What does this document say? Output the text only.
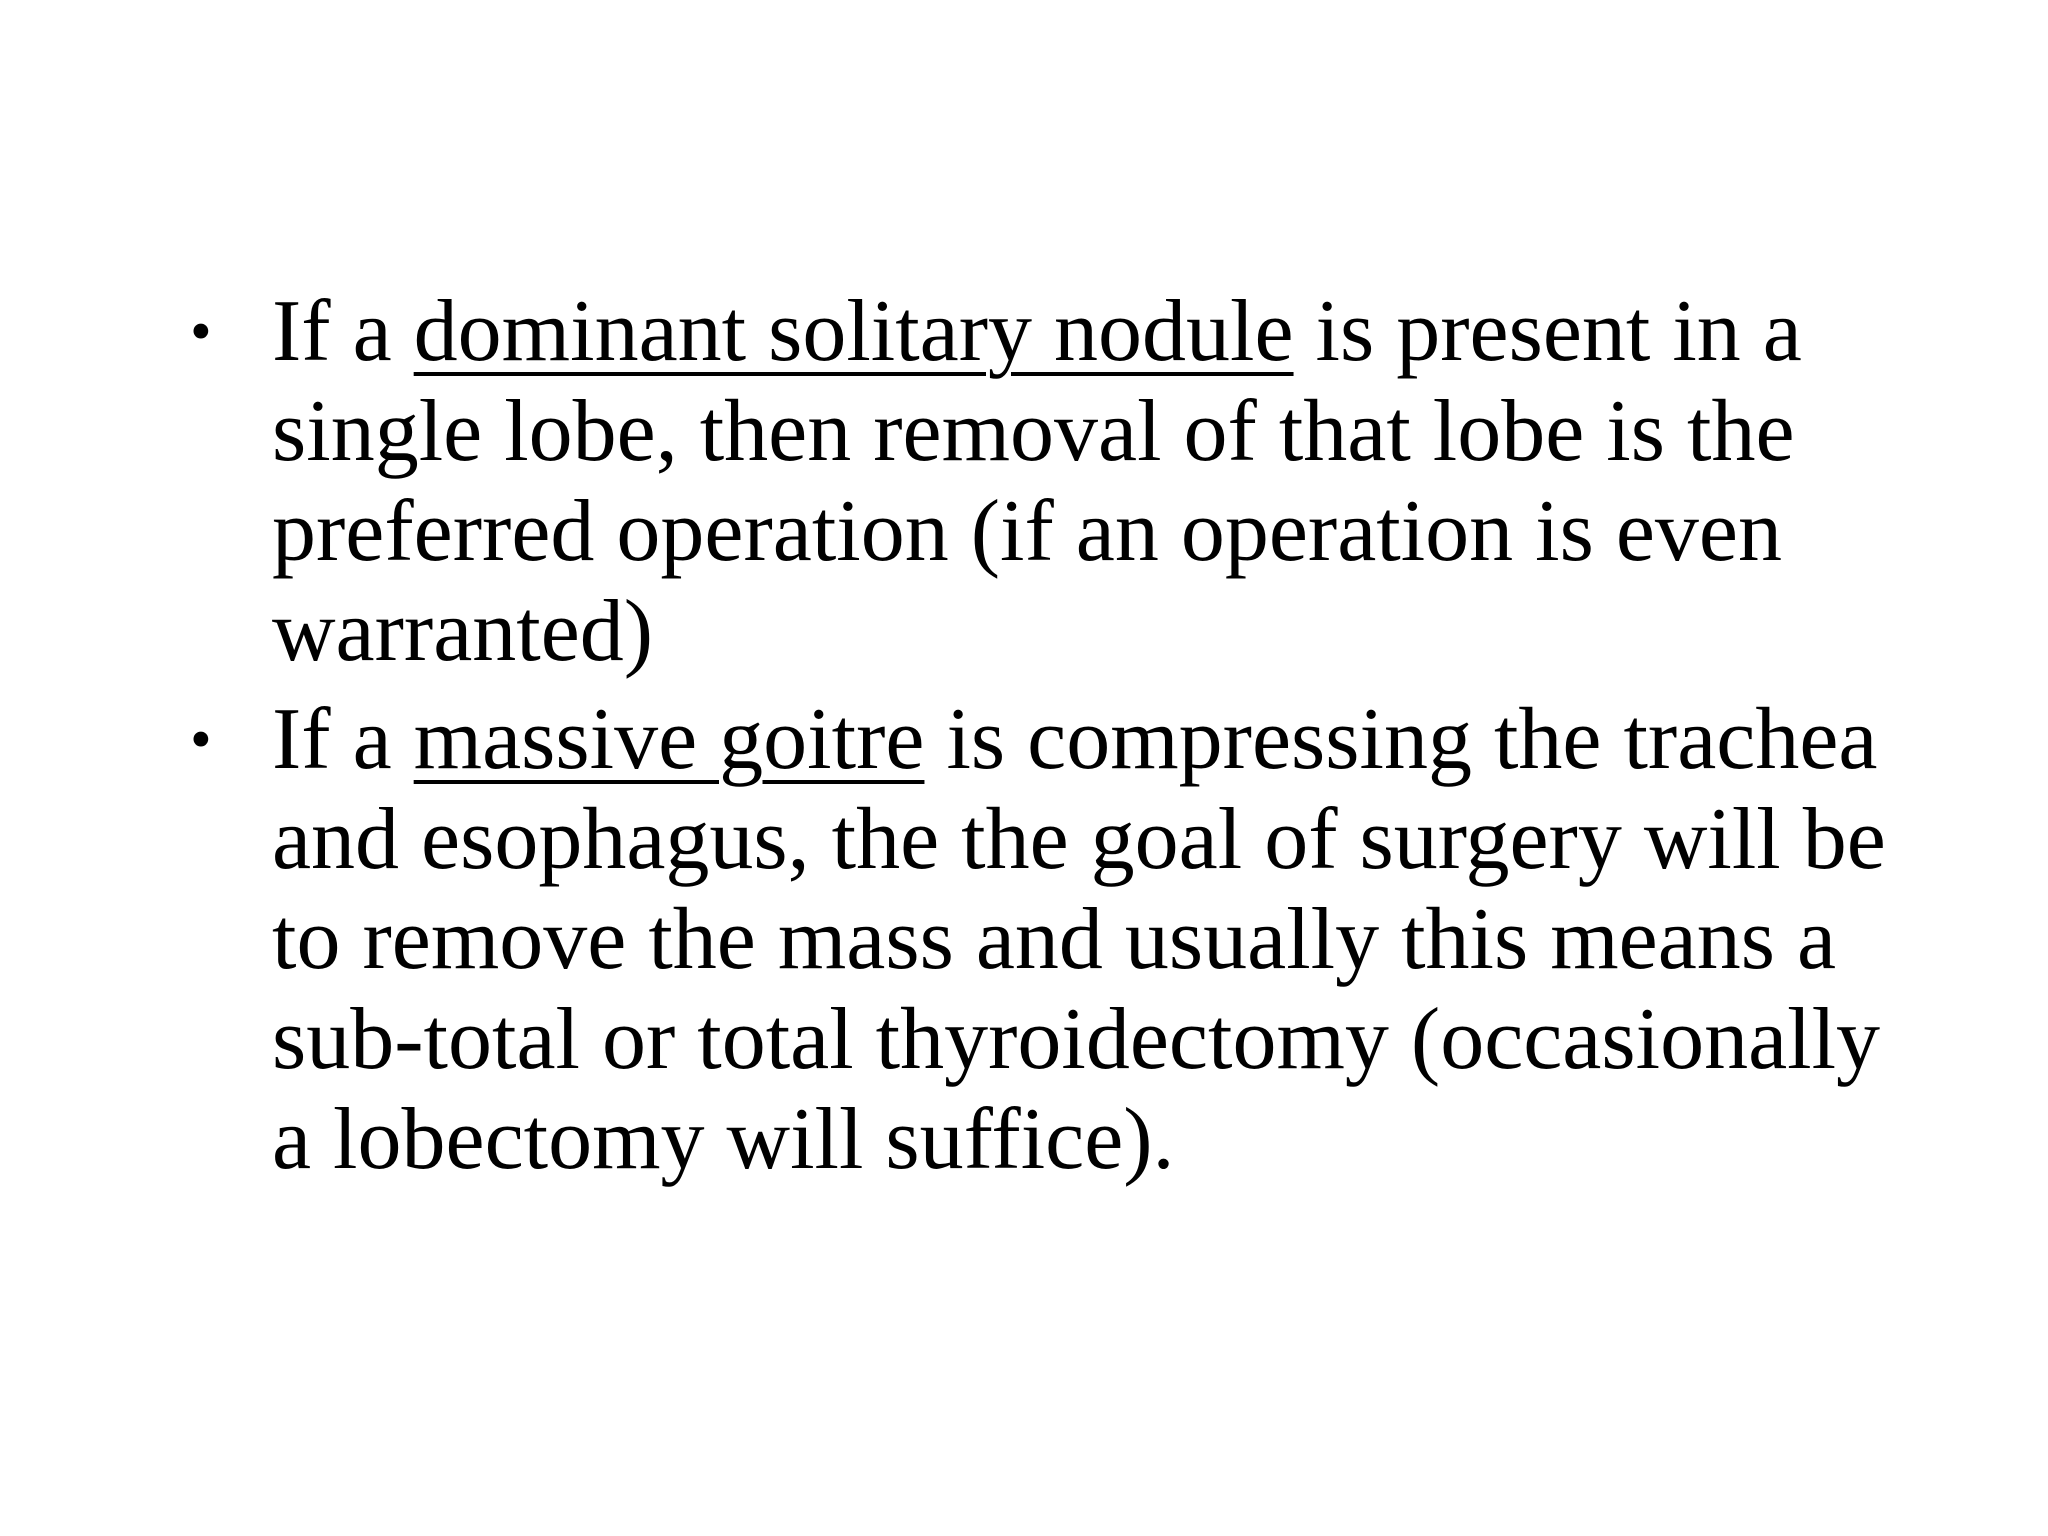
• If a dominant solitary nodule is present in a single lobe, then removal of that lobe is the preferred operation (if an operation is even warranted)
• If a massive goitre is compressing the trachea and esophagus, the the goal of surgery will be to remove the mass and usually this means a sub-total or total thyroidectomy (occasionally a lobectomy will suffice).
